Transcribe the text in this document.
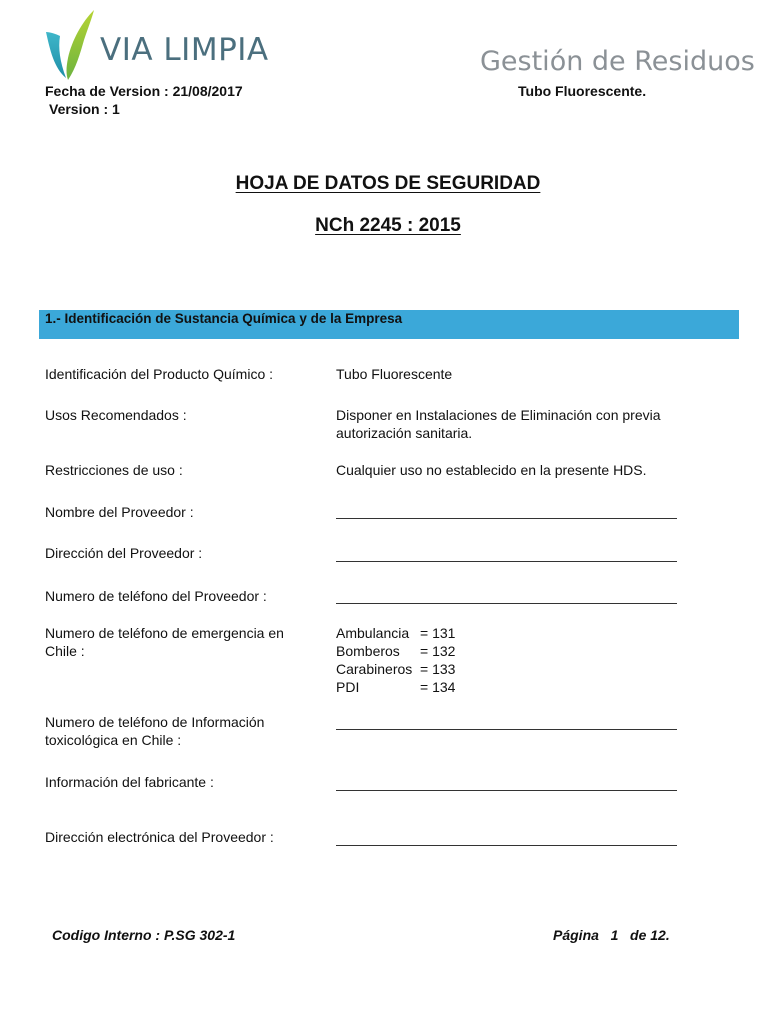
VIA LIMPIA	Gestión de Residuos
Fecha de Version : 21/08/2017
Version : 1
Tubo Fluorescente.
HOJA DE DATOS DE SEGURIDAD
NCh 2245 : 2015
1.- Identificación de Sustancia Química y de la Empresa
Identificación del Producto Químico :	Tubo Fluorescente
Usos Recomendados :	Disponer en Instalaciones de Eliminación con previa autorización sanitaria.
Restricciones de uso :	Cualquier uso no establecido en la presente HDS.
Nombre del Proveedor :
Dirección del Proveedor :
Numero de teléfono del Proveedor :
Numero de teléfono de emergencia en Chile :
Ambulancia = 131
Bomberos	= 132
Carabineros = 133
PDI	= 134
Numero de teléfono de Información toxicológica en Chile :
Información del fabricante :
Dirección electrónica del Proveedor :
Codigo Interno : P.SG 302-1	Página   1   de 12.
